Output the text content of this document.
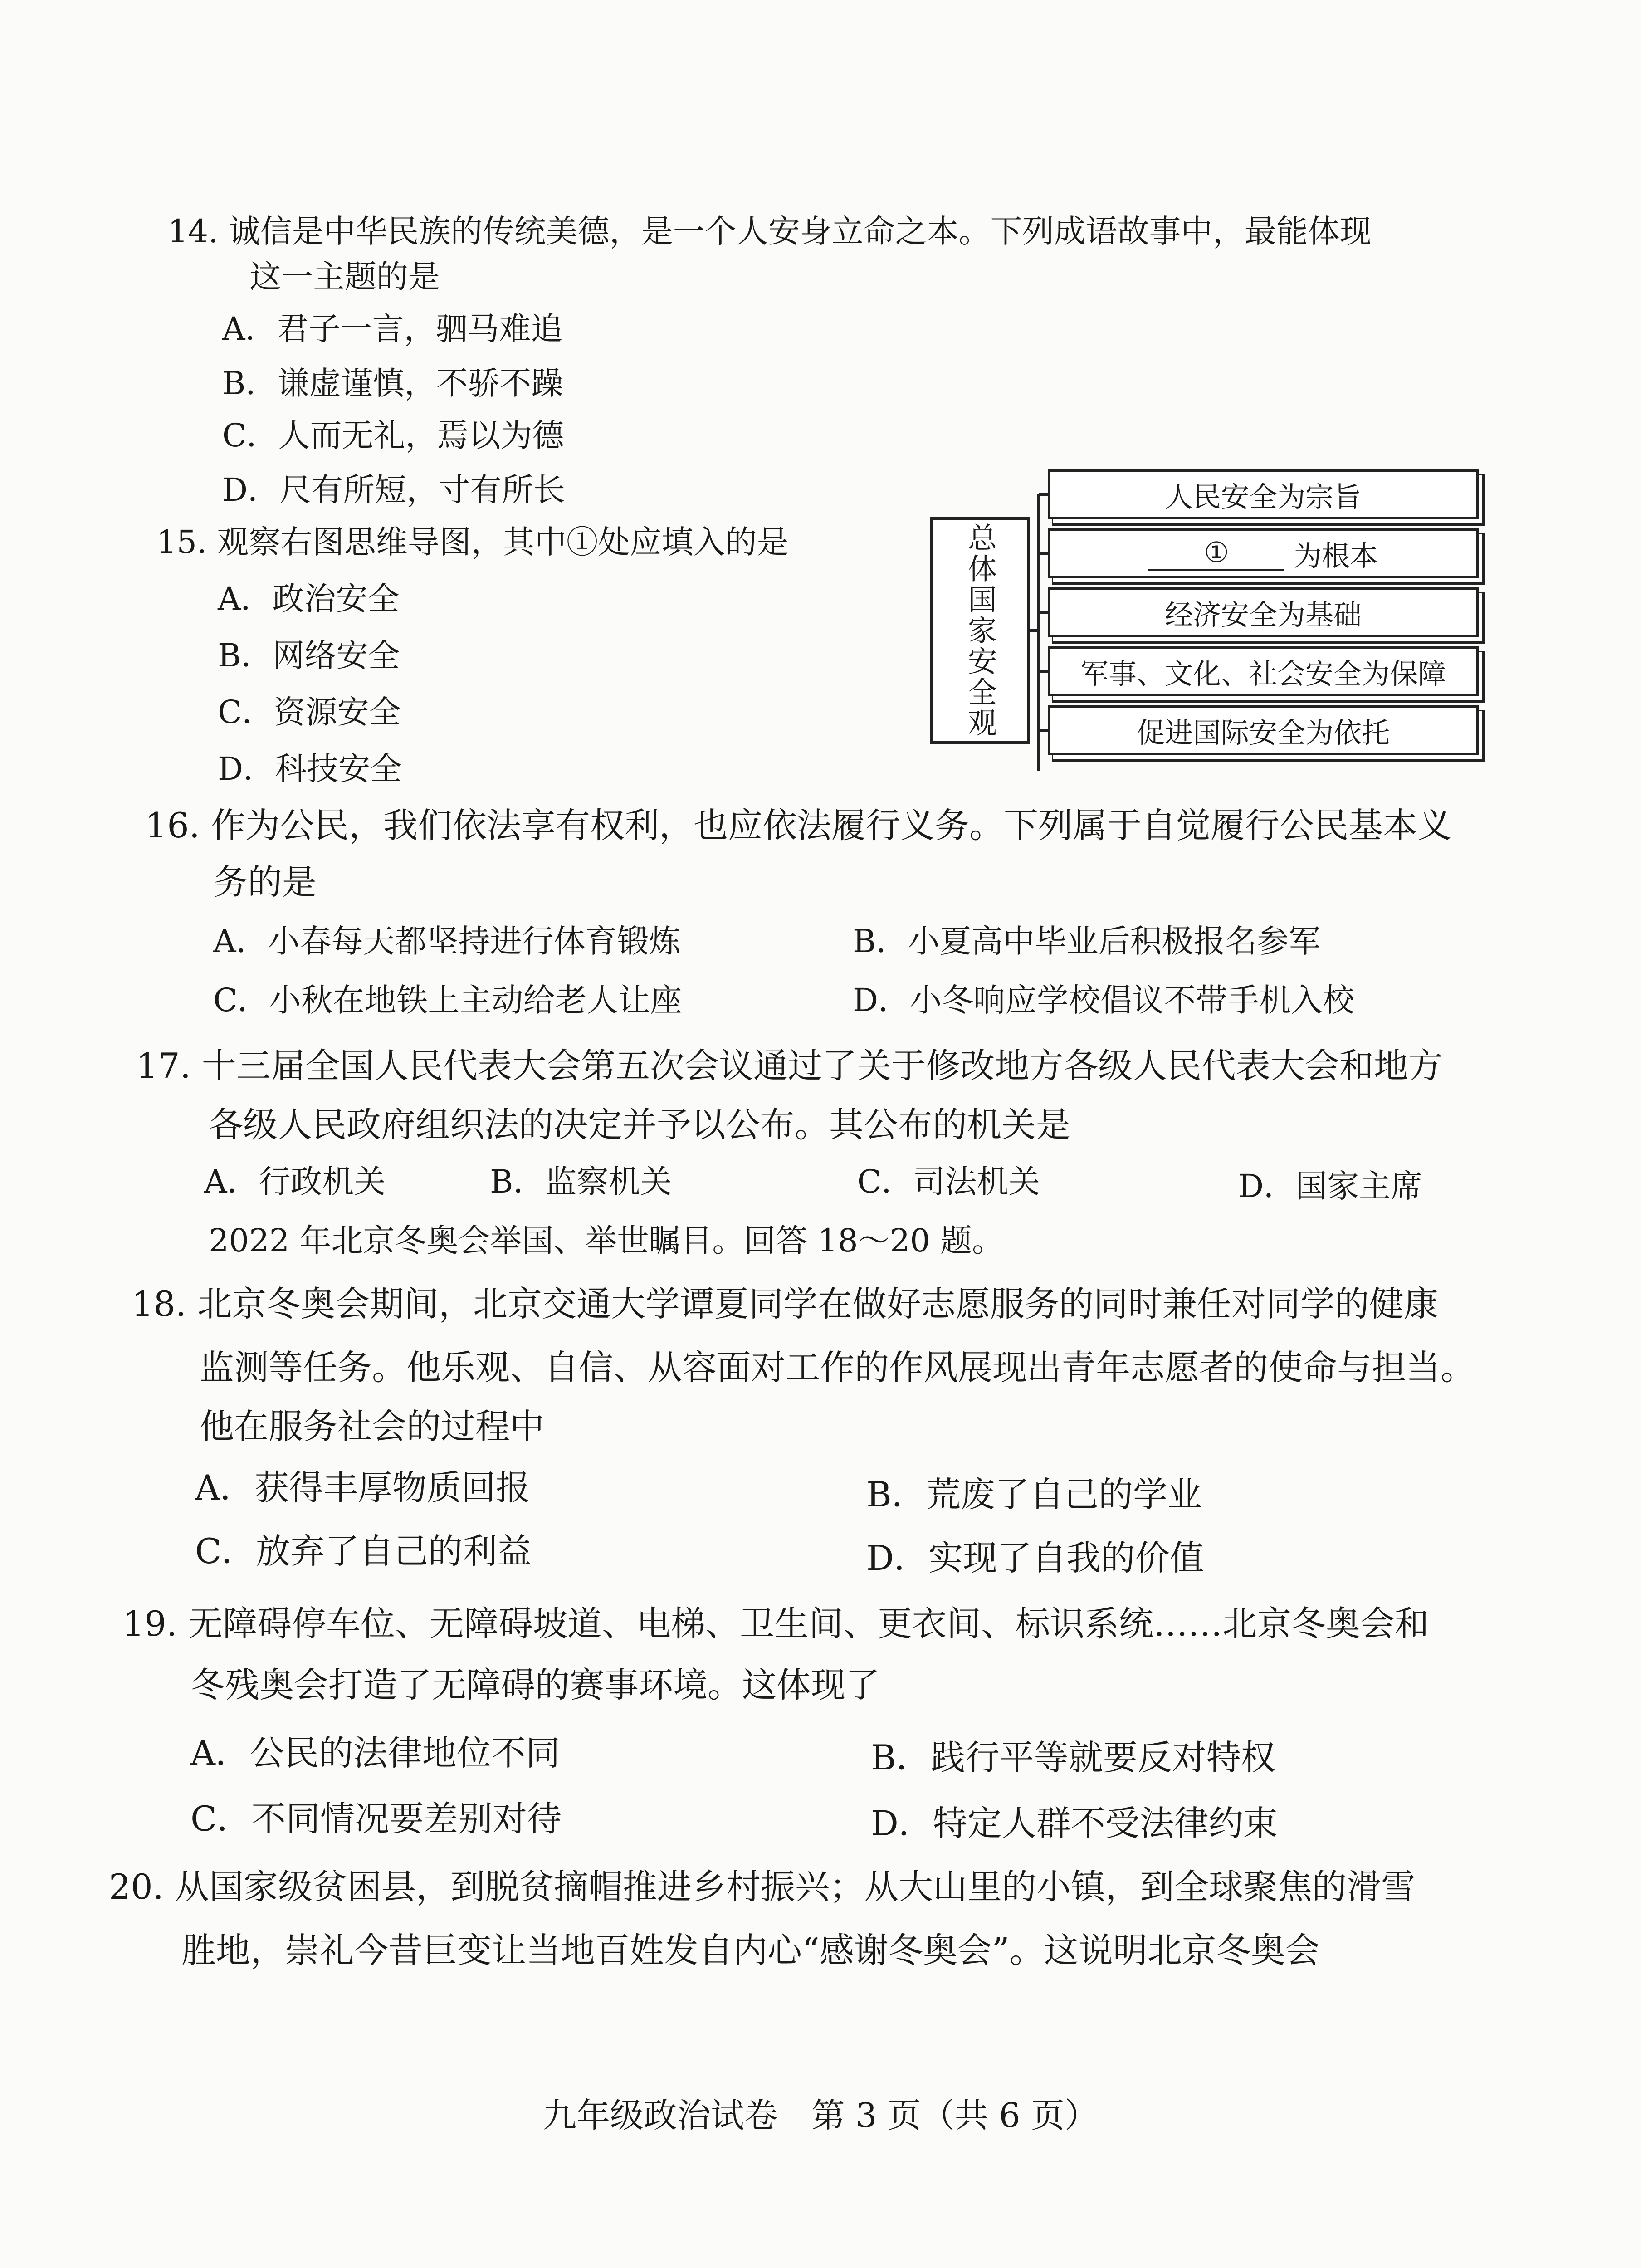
14. 诚信是中华民族的传统美德，是一个人安身立命之本。下列成语故事中，最能体现
这一主题的是
A．君子一言，驷马难追
B．谦虚谨慎，不骄不躁
C．人而无礼，焉以为德
D．尺有所短，寸有所长
15. 观察右图思维导图，其中①处应填入的是
A．政治安全
B．网络安全
C．资源安全
D．科技安全
总体国家安全观
人民安全为宗旨
①	为根本
经济安全为基础
军事、文化、社会安全为保障
促进国际安全为依托
16. 作为公民，我们依法享有权利，也应依法履行义务。下列属于自觉履行公民基本义
务的是
A．小春每天都坚持进行体育锻炼	B．小夏高中毕业后积极报名参军
C．小秋在地铁上主动给老人让座	D．小冬响应学校倡议不带手机入校
17. 十三届全国人民代表大会第五次会议通过了关于修改地方各级人民代表大会和地方
各级人民政府组织法的决定并予以公布。其公布的机关是
A．行政机关	B．监察机关	C．司法机关	D．国家主席
2022 年北京冬奥会举国、举世瞩目。回答 18～20 题。
18. 北京冬奥会期间，北京交通大学谭夏同学在做好志愿服务的同时兼任对同学的健康
监测等任务。他乐观、自信、从容面对工作的作风展现出青年志愿者的使命与担当。
他在服务社会的过程中
A．获得丰厚物质回报	B．荒废了自己的学业
C．放弃了自己的利益	D．实现了自我的价值
19. 无障碍停车位、无障碍坡道、电梯、卫生间、更衣间、标识系统……北京冬奥会和
冬残奥会打造了无障碍的赛事环境。这体现了
A．公民的法律地位不同	B．践行平等就要反对特权
C．不同情况要差别对待	D．特定人群不受法律约束
20. 从国家级贫困县，到脱贫摘帽推进乡村振兴；从大山里的小镇，到全球聚焦的滑雪
胜地，崇礼今昔巨变让当地百姓发自内心“感谢冬奥会”。这说明北京冬奥会
九年级政治试卷　第 3 页（共 6 页）
